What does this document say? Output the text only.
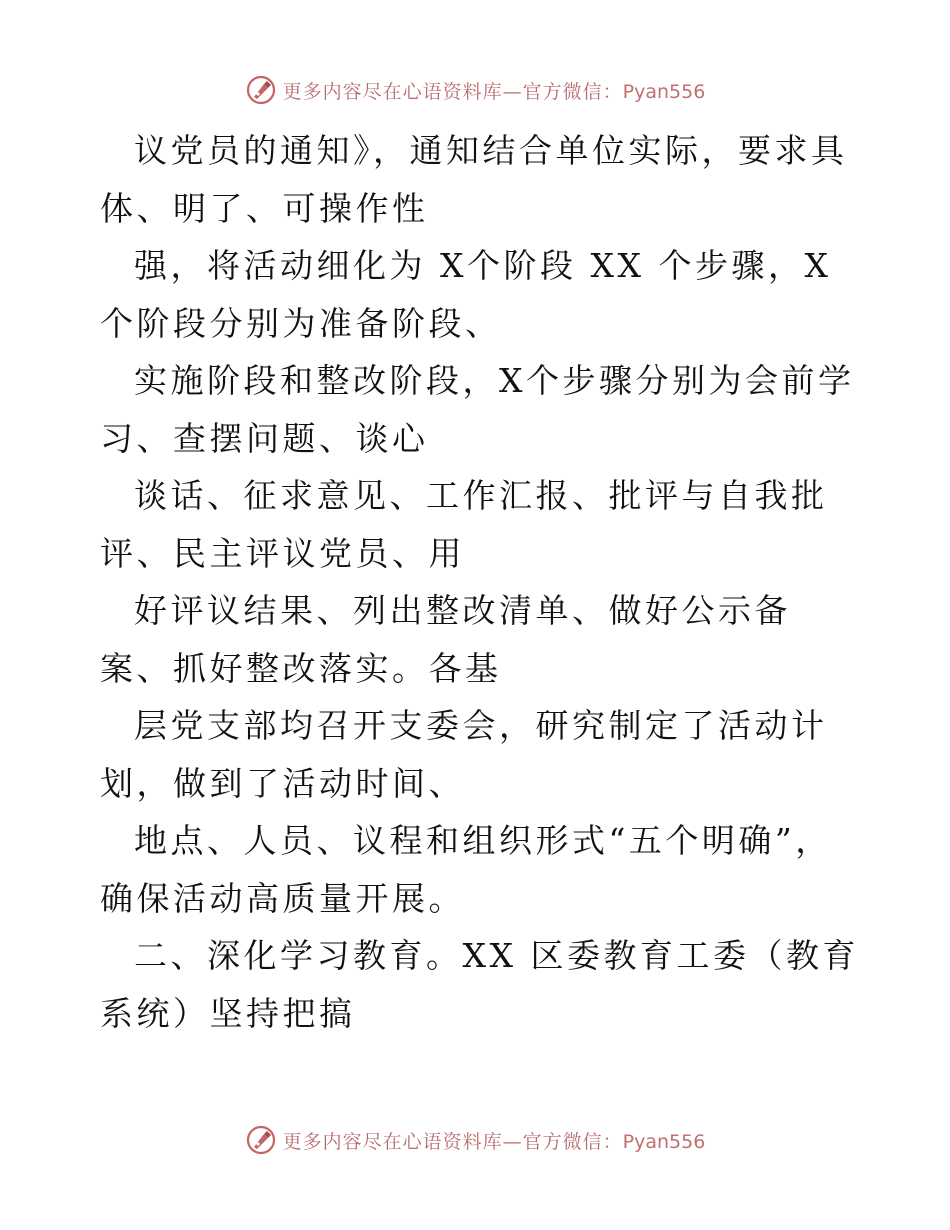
更多内容尽在心语资料库—官方微信：Pyan556

议党员的通知》，通知结合单位实际，要求具体、明了、可操作性

强，将活动细化为 X个阶段 XX 个步骤，X个阶段分别为准备阶段、

实施阶段和整改阶段，X个步骤分别为会前学习、查摆问题、谈心

谈话、征求意见、工作汇报、批评与自我批评、民主评议党员、用

好评议结果、列出整改清单、做好公示备案、抓好整改落实。各基

层党支部均召开支委会，研究制定了活动计划，做到了活动时间、

地点、人员、议程和组织形式“五个明确”，确保活动高质量开展。

二、深化学习教育。XX 区委教育工委（教育系统）坚持把搞

更多内容尽在心语资料库—官方微信：Pyan556
